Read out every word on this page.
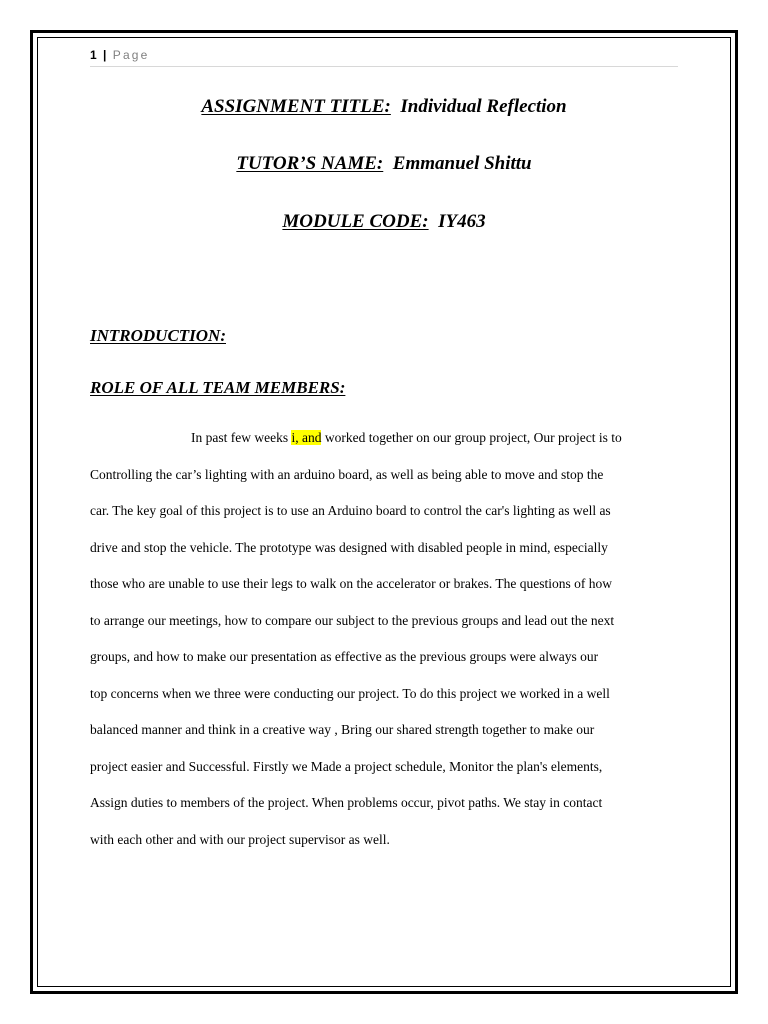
1 | Page
ASSIGNMENT TITLE: Individual Reflection
TUTOR’S NAME: Emmanuel Shittu
MODULE CODE: IY463
INTRODUCTION:
ROLE OF ALL TEAM MEMBERS:
In past few weeks i, and worked together on our group project, Our project is to
Controlling the car’s lighting with an arduino board, as well as being able to move and stop the
car. The key goal of this project is to use an Arduino board to control the car's lighting as well as
drive and stop the vehicle. The prototype was designed with disabled people in mind, especially
those who are unable to use their legs to walk on the accelerator or brakes. The questions of how
to arrange our meetings, how to compare our subject to the previous groups and lead out the next
groups, and how to make our presentation as effective as the previous groups were always our
top concerns when we three were conducting our project. To do this project we worked in a well
balanced manner and think in a creative way , Bring our shared strength together to make our
project easier and Successful. Firstly we Made a project schedule, Monitor the plan's elements,
Assign duties to members of the project. When problems occur, pivot paths. We stay in contact
with each other and with our project supervisor as well.
